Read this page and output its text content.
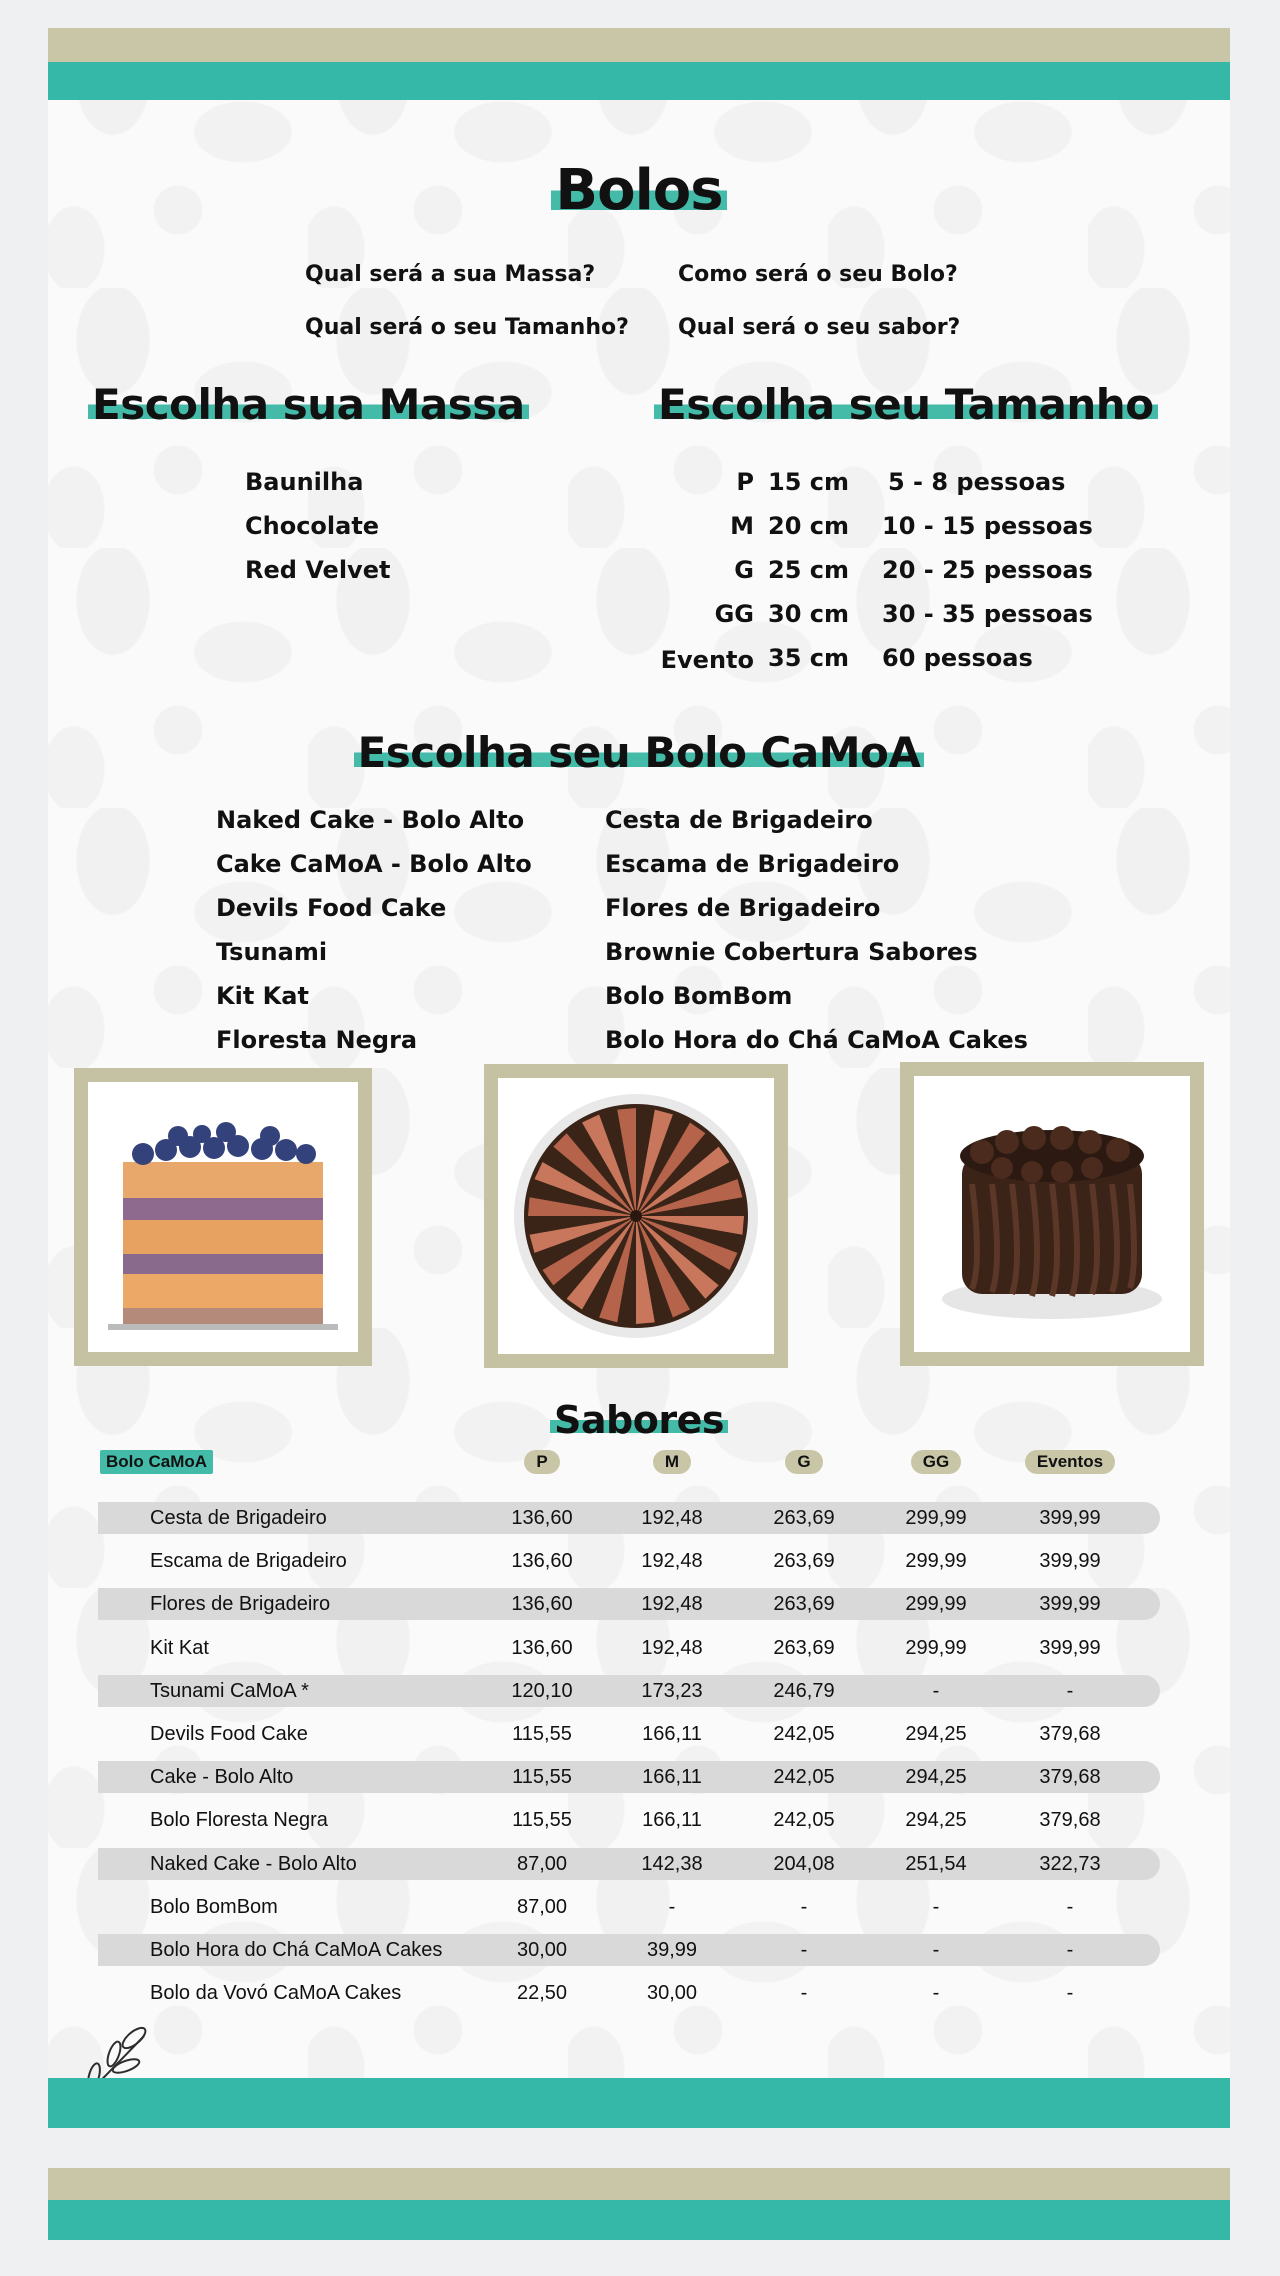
Bolos
Qual será a sua Massa?	Como será o seu Bolo?
Qual será o seu Tamanho? Qual será o seu sabor?
Escolha sua Massa	Escolha seu Tamanho
Baunilha
Chocolate
Red Velvet
P 15 cm 5 - 8 pessoas
M 20 cm 10 - 15 pessoas
G 25 cm 20 - 25 pessoas
GG 30 cm 30 - 35 pessoas
Evento 35 cm 60 pessoas
Escolha seu Bolo CaMoA
Naked Cake - Bolo Alto
Cake CaMoA - Bolo Alto
Devils Food Cake
Tsunami
Kit Kat
Floresta Negra
Cesta de Brigadeiro
Escama de Brigadeiro
Flores de Brigadeiro
Brownie Cobertura Sabores
Bolo BomBom
Bolo Hora do Chá CaMoA Cakes
Sabores
Bolo CaMoA	P	M	G	GG	Eventos
Cesta de Brigadeiro	136,60	192,48	263,69	299,99	399,99
Escama de Brigadeiro	136,60	192,48	263,69	299,99	399,99
Flores de Brigadeiro	136,60	192,48	263,69	299,99	399,99
Kit Kat	136,60	192,48	263,69	299,99	399,99
Tsunami CaMoA *	120,10	173,23	246,79	-	-
Devils Food Cake	115,55	166,11	242,05	294,25	379,68
Cake - Bolo Alto	115,55	166,11	242,05	294,25	379,68
Bolo Floresta Negra	115,55	166,11	242,05	294,25	379,68
Naked Cake - Bolo Alto	87,00	142,38	204,08	251,54	322,73
Bolo BomBom	87,00	-	-	-	-
Bolo Hora do Chá CaMoA Cakes	30,00	39,99	-	-	-
Bolo da Vovó CaMoA Cakes	22,50	30,00	-	-	-
